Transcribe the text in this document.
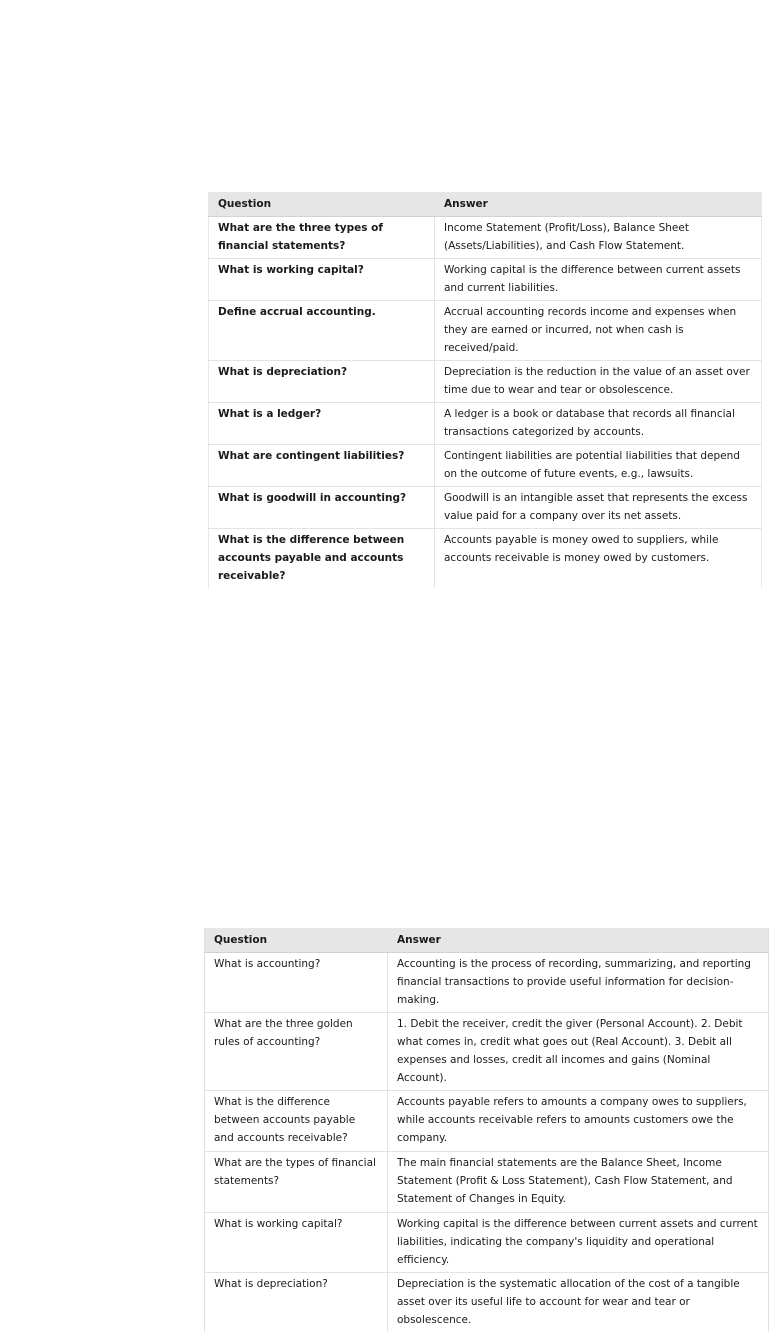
Question	Answer
What are the three types of financial statements?	Income Statement (Profit/Loss), Balance Sheet (Assets/Liabilities), and Cash Flow Statement.
What is working capital?	Working capital is the difference between current assets and current liabilities.
Define accrual accounting.	Accrual accounting records income and expenses when they are earned or incurred, not when cash is received/paid.
What is depreciation?	Depreciation is the reduction in the value of an asset over time due to wear and tear or obsolescence.
What is a ledger?	A ledger is a book or database that records all financial transactions categorized by accounts.
What are contingent liabilities?	Contingent liabilities are potential liabilities that depend on the outcome of future events, e.g., lawsuits.
What is goodwill in accounting?	Goodwill is an intangible asset that represents the excess value paid for a company over its net assets.
What is the difference between accounts payable and accounts receivable?	Accounts payable is money owed to suppliers, while accounts receivable is money owed by customers.
Question	Answer
What is accounting?	Accounting is the process of recording, summarizing, and reporting financial transactions to provide useful information for decision-making.
What are the three golden rules of accounting?	1. Debit the receiver, credit the giver (Personal Account). 2. Debit what comes in, credit what goes out (Real Account). 3. Debit all expenses and losses, credit all incomes and gains (Nominal Account).
What is the difference between accounts payable and accounts receivable?	Accounts payable refers to amounts a company owes to suppliers, while accounts receivable refers to amounts customers owe the company.
What are the types of financial statements?	The main financial statements are the Balance Sheet, Income Statement (Profit & Loss Statement), Cash Flow Statement, and Statement of Changes in Equity.
What is working capital?	Working capital is the difference between current assets and current liabilities, indicating the company's liquidity and operational efficiency.
What is depreciation?	Depreciation is the systematic allocation of the cost of a tangible asset over its useful life to account for wear and tear or obsolescence.
